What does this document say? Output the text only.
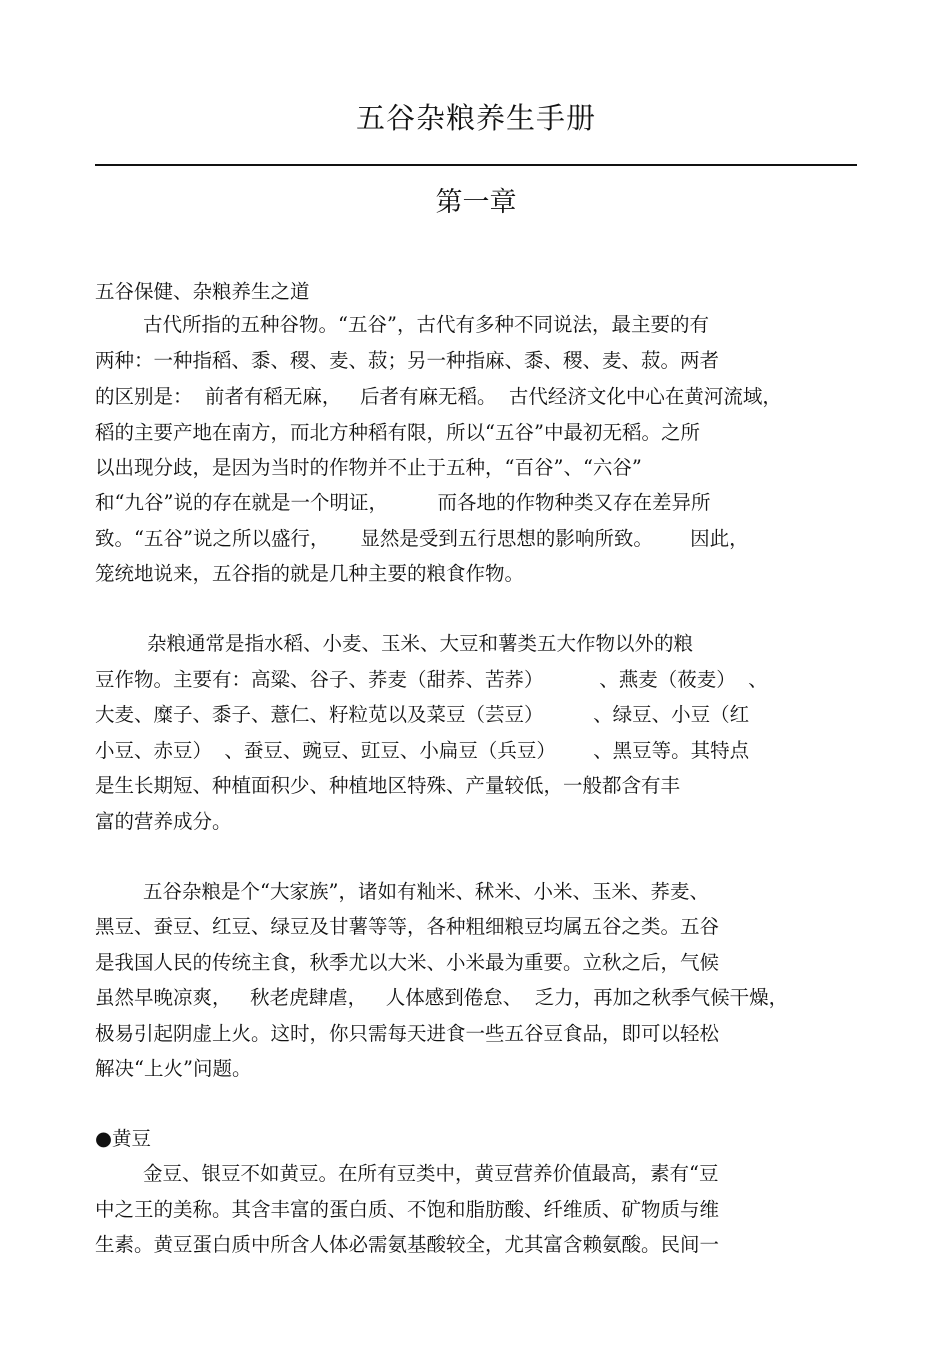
五谷杂粮养生手册
第一章
五谷保健、杂粮养生之道
古代所指的五种谷物。“五谷”，古代有多种不同说法，最主要的有
两种：一种指稻、黍、稷、麦、菽；另一种指麻、黍、稷、麦、菽。两者
的区别是：  前者有稻无麻，   后者有麻无稻。  古代经济文化中心在黄河流域，
稻的主要产地在南方，而北方种稻有限，所以“五谷”中最初无稻。之所
以出现分歧，是因为当时的作物并不止于五种，“百谷”、“六谷”
和“九谷”说的存在就是一个明证，        而各地的作物种类又存在差异所
致。“五谷”说之所以盛行，     显然是受到五行思想的影响所致。      因此，
笼统地说来，五谷指的就是几种主要的粮食作物。
杂粮通常是指水稻、小麦、玉米、大豆和薯类五大作物以外的粮
豆作物。主要有：高粱、谷子、荞麦（甜荞、苦荞）         、燕麦（莜麦）  、
大麦、糜子、黍子、薏仁、籽粒苋以及菜豆（芸豆）        、绿豆、小豆（红
小豆、赤豆）  、蚕豆、豌豆、豇豆、小扁豆（兵豆）      、黑豆等。其特点
是生长期短、种植面积少、种植地区特殊、产量较低，一般都含有丰
富的营养成分。
五谷杂粮是个“大家族”，诸如有籼米、秫米、小米、玉米、荞麦、
黑豆、蚕豆、红豆、绿豆及甘薯等等，各种粗细粮豆均属五谷之类。五谷
是我国人民的传统主食，秋季尤以大米、小米最为重要。立秋之后，气候
虽然早晚凉爽，   秋老虎肆虐，   人体感到倦怠、  乏力，再加之秋季气候干燥，
极易引起阴虚上火。这时，你只需每天进食一些五谷豆食品，即可以轻松
解决“上火”问题。
●黄豆
金豆、银豆不如黄豆。在所有豆类中，黄豆营养价值最高，素有“豆
中之王的美称。其含丰富的蛋白质、不饱和脂肪酸、纤维质、矿物质与维
生素。黄豆蛋白质中所含人体必需氨基酸较全，尤其富含赖氨酸。民间一
